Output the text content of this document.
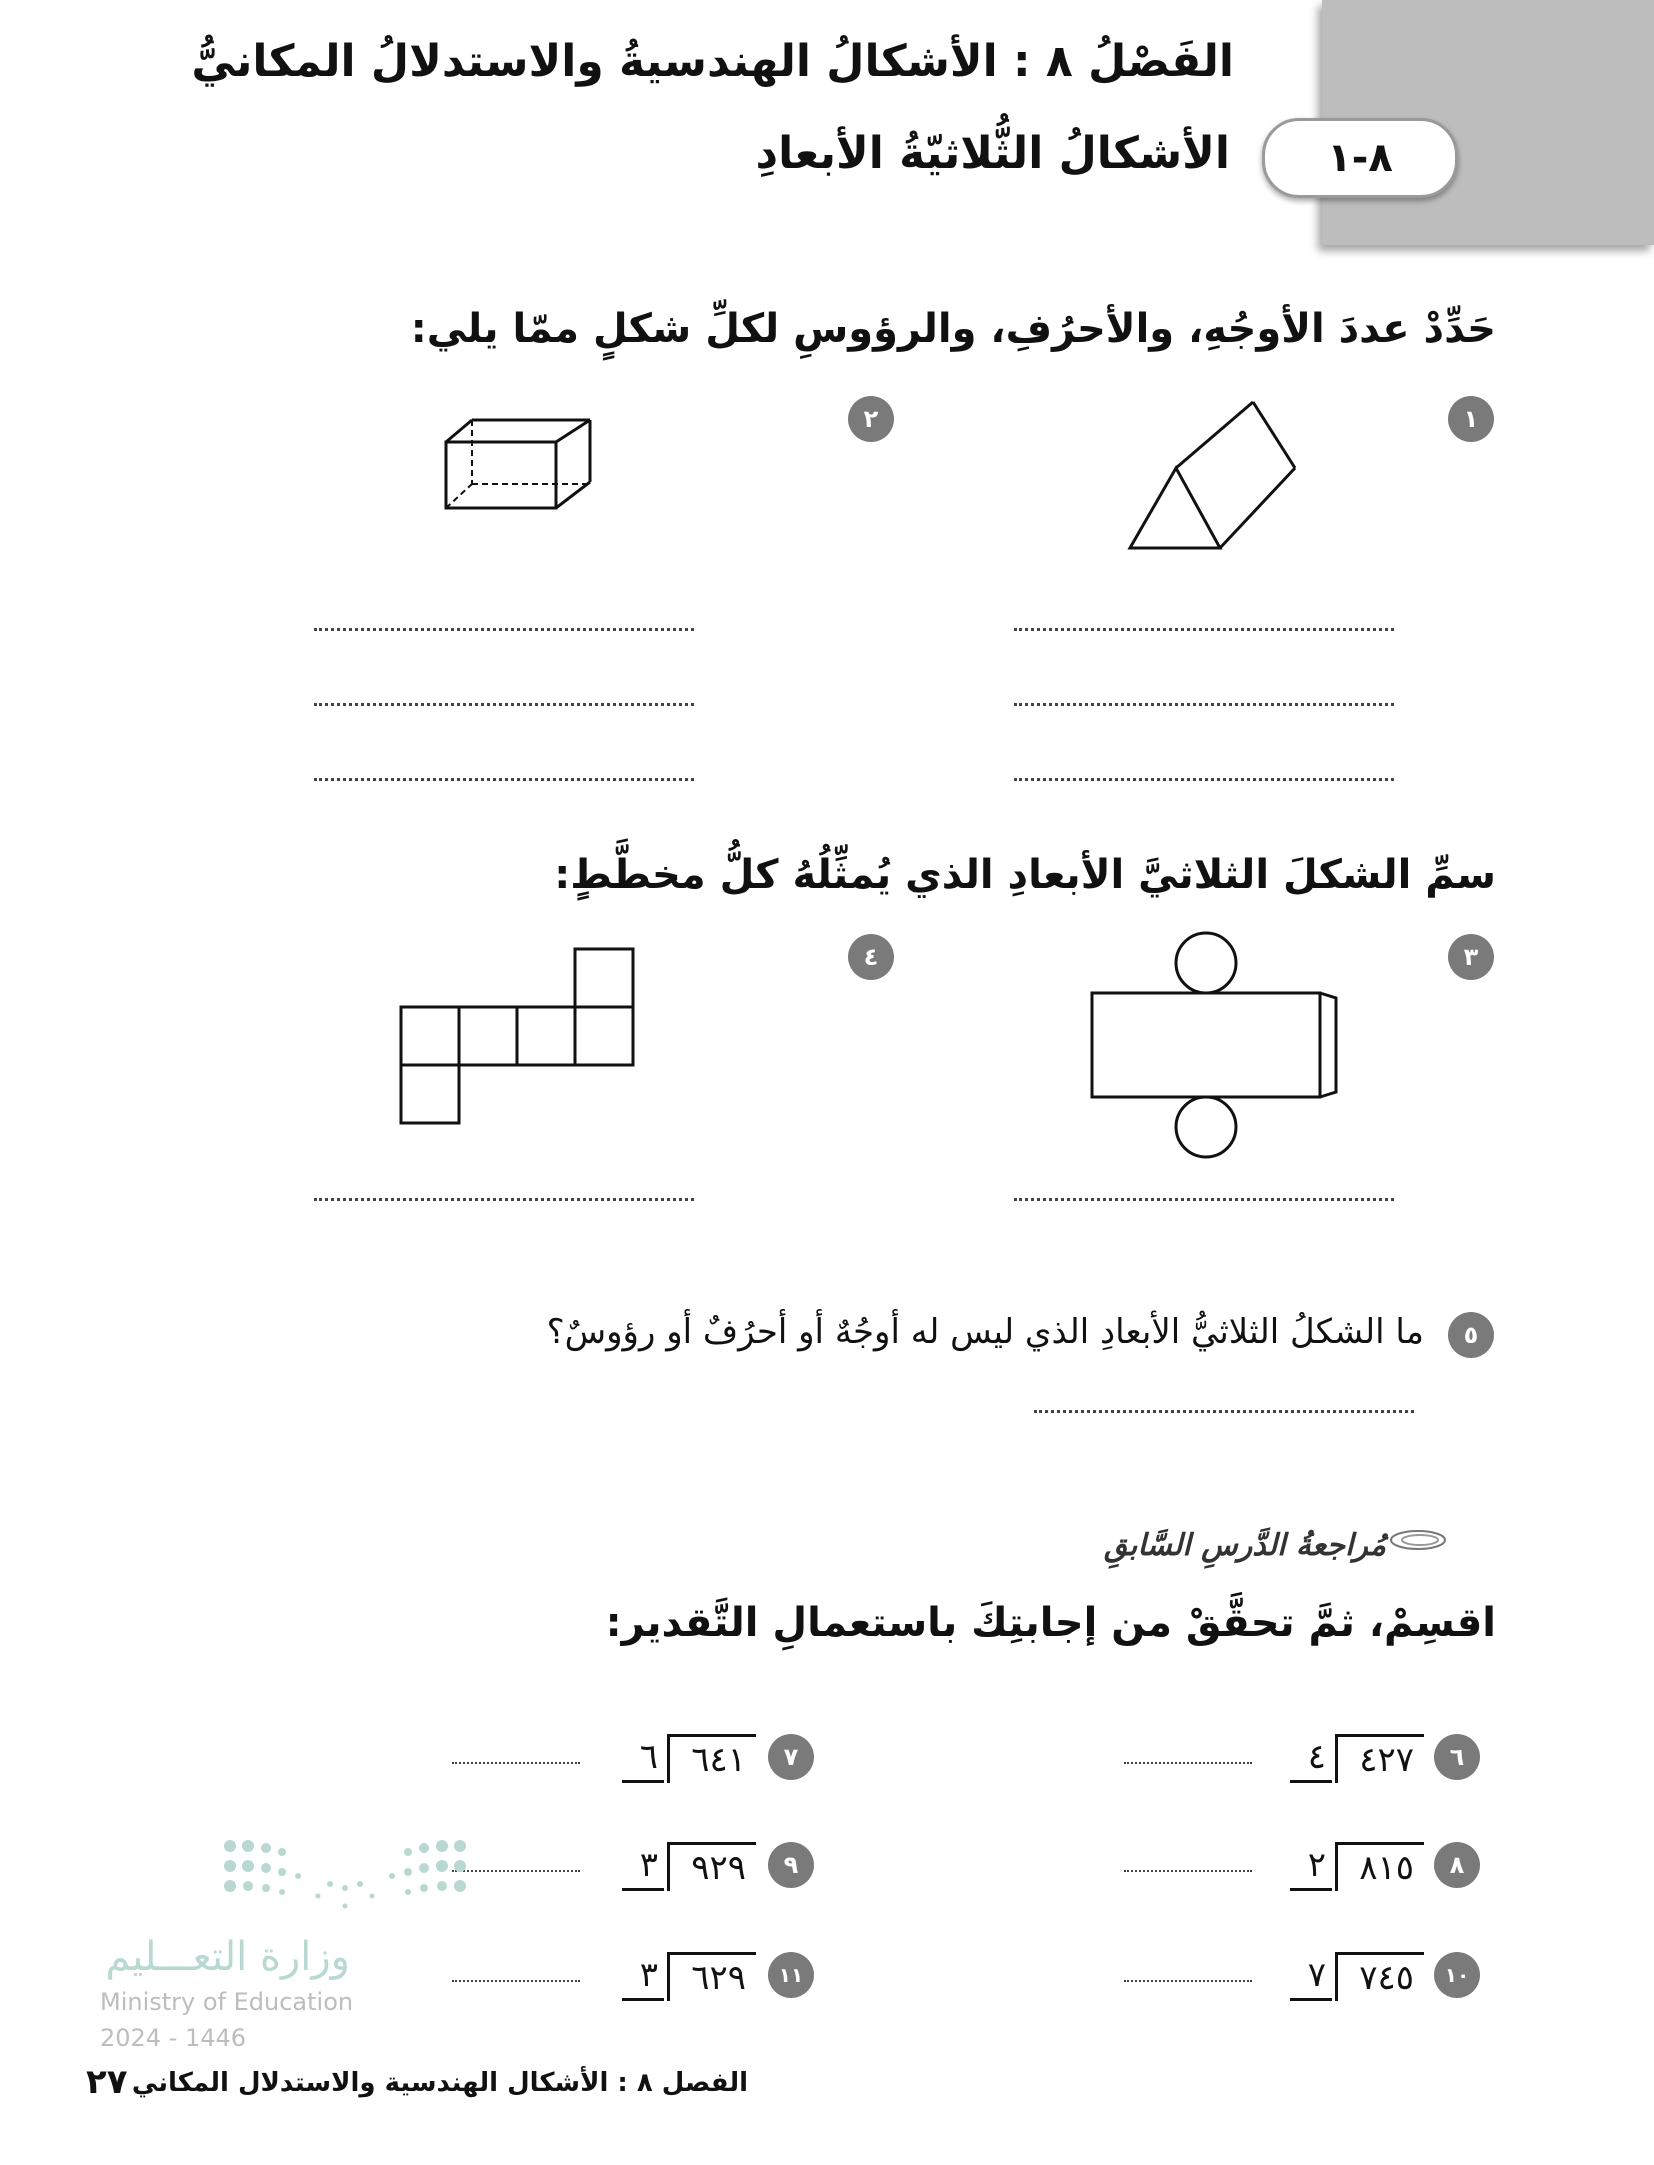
الفَصْلُ ٨ : الأشكالُ الهندسيةُ والاستدلالُ المكانيُّ
٨-١
الأشكالُ الثُّلاثيّةُ الأبعادِ
حَدِّدْ عددَ الأوجُهِ، والأحرُفِ، والرؤوسِ لكلِّ شكلٍ ممّا يلي:
١
٢
سمِّ الشكلَ الثلاثيَّ الأبعادِ الذي يُمثِّلُهُ كلُّ مخطَّطٍ:
٣
٤
٥
ما الشكلُ الثلاثيُّ الأبعادِ الذي ليس له أوجُهٌ أو أحرُفٌ أو رؤوسٌ؟
مُراجعةُ الدَّرسِ السَّابقِ
اقسِمْ، ثمَّ تحقَّقْ من إجابتِكَ باستعمالِ التَّقدير:
٦
٤٢٧
٤
٧
٦٤١
٦
٨
٨١٥
٢
٩
٩٢٩
٣
١٠
٧٤٥
٧
١١
٦٢٩
٣
وزارة التعـــليم
Ministry of Education
2024 - 1446
الفصل ٨ : الأشكال الهندسية والاستدلال المكاني
٢٧
